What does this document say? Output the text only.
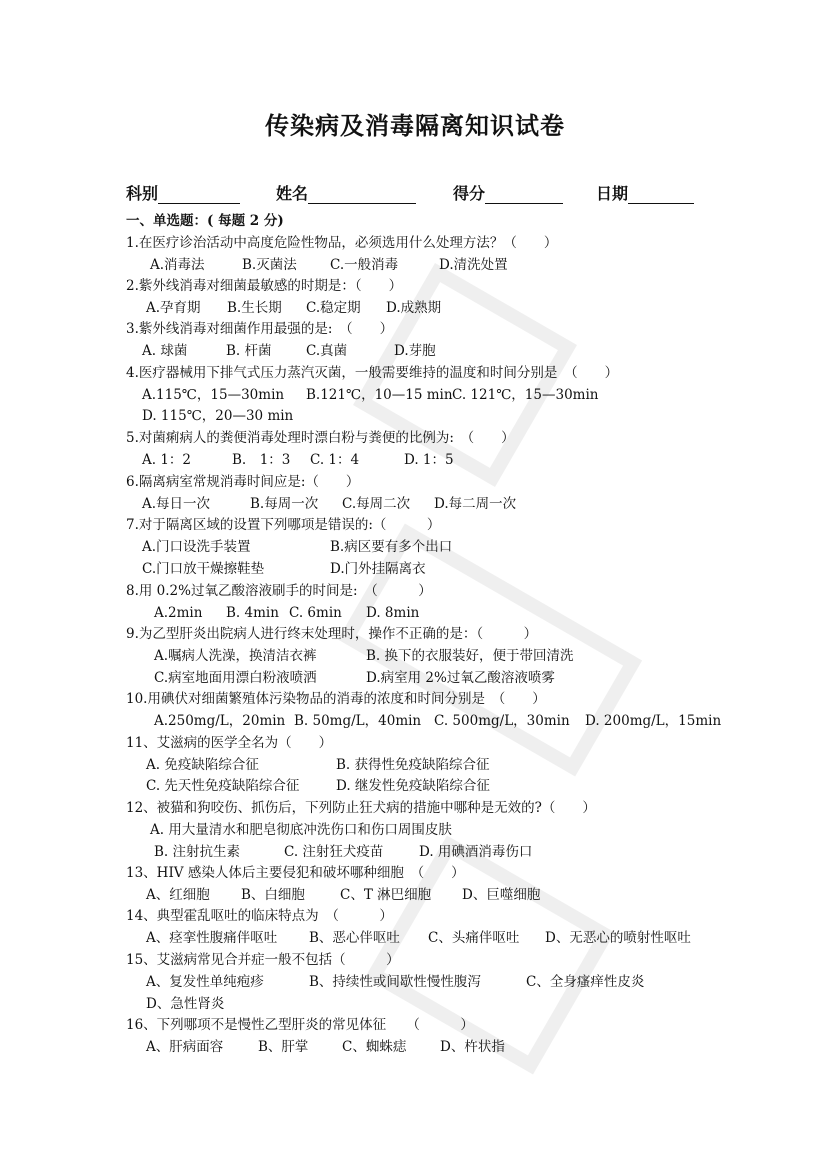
传染病及消毒隔离知识试卷
科别	姓名	得分	日期
一、单选题：( 每题 2 分)
1.在医疗诊治活动中高度危险性物品，必须选用什么处理方法？（　　）
A.消毒法	B.灭菌法 C.一般消毒	D.清洗处置
2.紫外线消毒对细菌最敏感的时期是：（　　）
A.孕育期 B.生长期 C.稳定期 D.成熟期
3.紫外线消毒对细菌作用最强的是:　（　　）
A. 球菌	B. 杆菌	C.真菌	D.芽胞
4.医疗器械用下排气式压力蒸汽灭菌，一般需要维持的温度和时间分别是　（　　）
A.115℃，15—30min B.121℃，10—15 min C. 121℃，15—30min
D. 115℃，20—30 min
5.对菌痢病人的粪便消毒处理时漂白粉与粪便的比例为:　（　　）
A. 1：2	B.　1：3 C. 1：4	D. 1：5
6.隔离病室常规消毒时间应是:（　　）
A.每日一次	B.每周一次 C.每周二次 D.每二周一次
7.对于隔离区域的设置下列哪项是错误的:（　　　）
A.门口设洗手装置	B.病区要有多个出口
C.门口放干燥擦鞋垫	D.门外挂隔离衣
8.用 0.2%过氧乙酸溶液刷手的时间是:　（　　　）
A.2min B. 4min C. 6min D. 8min
9.为乙型肝炎出院病人进行终末处理时，操作不正确的是：（　　　）
A.嘱病人洗澡，换清洁衣裤	B. 换下的衣服装好，便于带回清洗
C.病室地面用漂白粉液喷洒	D.病室用 2%过氧乙酸溶液喷雾
10.用碘伏对细菌繁殖体污染物品的消毒的浓度和时间分别是　（　　）
A.250mg/L，20min B. 50mg/L，40min C. 500mg/L，30min D. 200mg/L，15min
11、艾滋病的医学全名为（　　）
A. 免疫缺陷综合征	B. 获得性免疫缺陷综合征
C. 先天性免疫缺陷综合征	D. 继发性免疫缺陷综合征
12、被猫和狗咬伤、抓伤后，下列防止狂犬病的措施中哪种是无效的?（　　）
A. 用大量清水和肥皂彻底冲洗伤口和伤口周围皮肤
B. 注射抗生素	C. 注射狂犬疫苗	D. 用碘酒消毒伤口
13、HIV 感染人体后主要侵犯和破坏哪种细胞　（　　）
A、红细胞 B、白细胞	C、T 淋巴细胞 D、巨噬细胞
14、典型霍乱呕吐的临床特点为　（　　　）
A、痉挛性腹痛伴呕吐 B、恶心伴呕吐 C、头痛伴呕吐 D、无恶心的喷射性呕吐
15、艾滋病常见合并症一般不包括（　　　）
A、复发性单纯疱疹	B、持续性或间歇性慢性腹泻	C、全身瘙痒性皮炎
D、急性肾炎
16、下列哪项不是慢性乙型肝炎的常见体征　　（　　　）
A、肝病面容	B、肝掌 C、蜘蛛痣 D、杵状指
